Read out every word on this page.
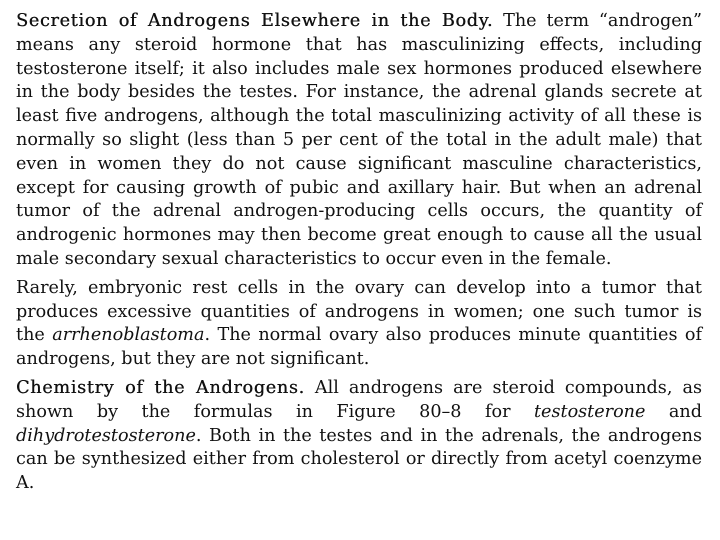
Secretion of Androgens Elsewhere in the Body. The term “androgen” means any steroid hormone that has masculinizing effects, including testosterone itself; it also includes male sex hormones produced elsewhere in the body besides the testes. For instance, the adrenal glands secrete at least five androgens, although the total masculinizing activity of all these is normally so slight (less than 5 per cent of the total in the adult male) that even in women they do not cause significant masculine characteristics, except for causing growth of pubic and axillary hair. But when an adrenal tumor of the adrenal androgen-producing cells occurs, the quantity of androgenic hormones may then become great enough to cause all the usual male secondary sexual characteristics to occur even in the female.

Rarely, embryonic rest cells in the ovary can develop into a tumor that produces excessive quantities of androgens in women; one such tumor is the arrhenoblastoma. The normal ovary also produces minute quantities of androgens, but they are not significant.

Chemistry of the Androgens. All androgens are steroid compounds, as shown by the formulas in Figure 80–8 for testosterone and dihydrotestosterone. Both in the testes and in the adrenals, the androgens can be synthesized either from cholesterol or directly from acetyl coenzyme A.
